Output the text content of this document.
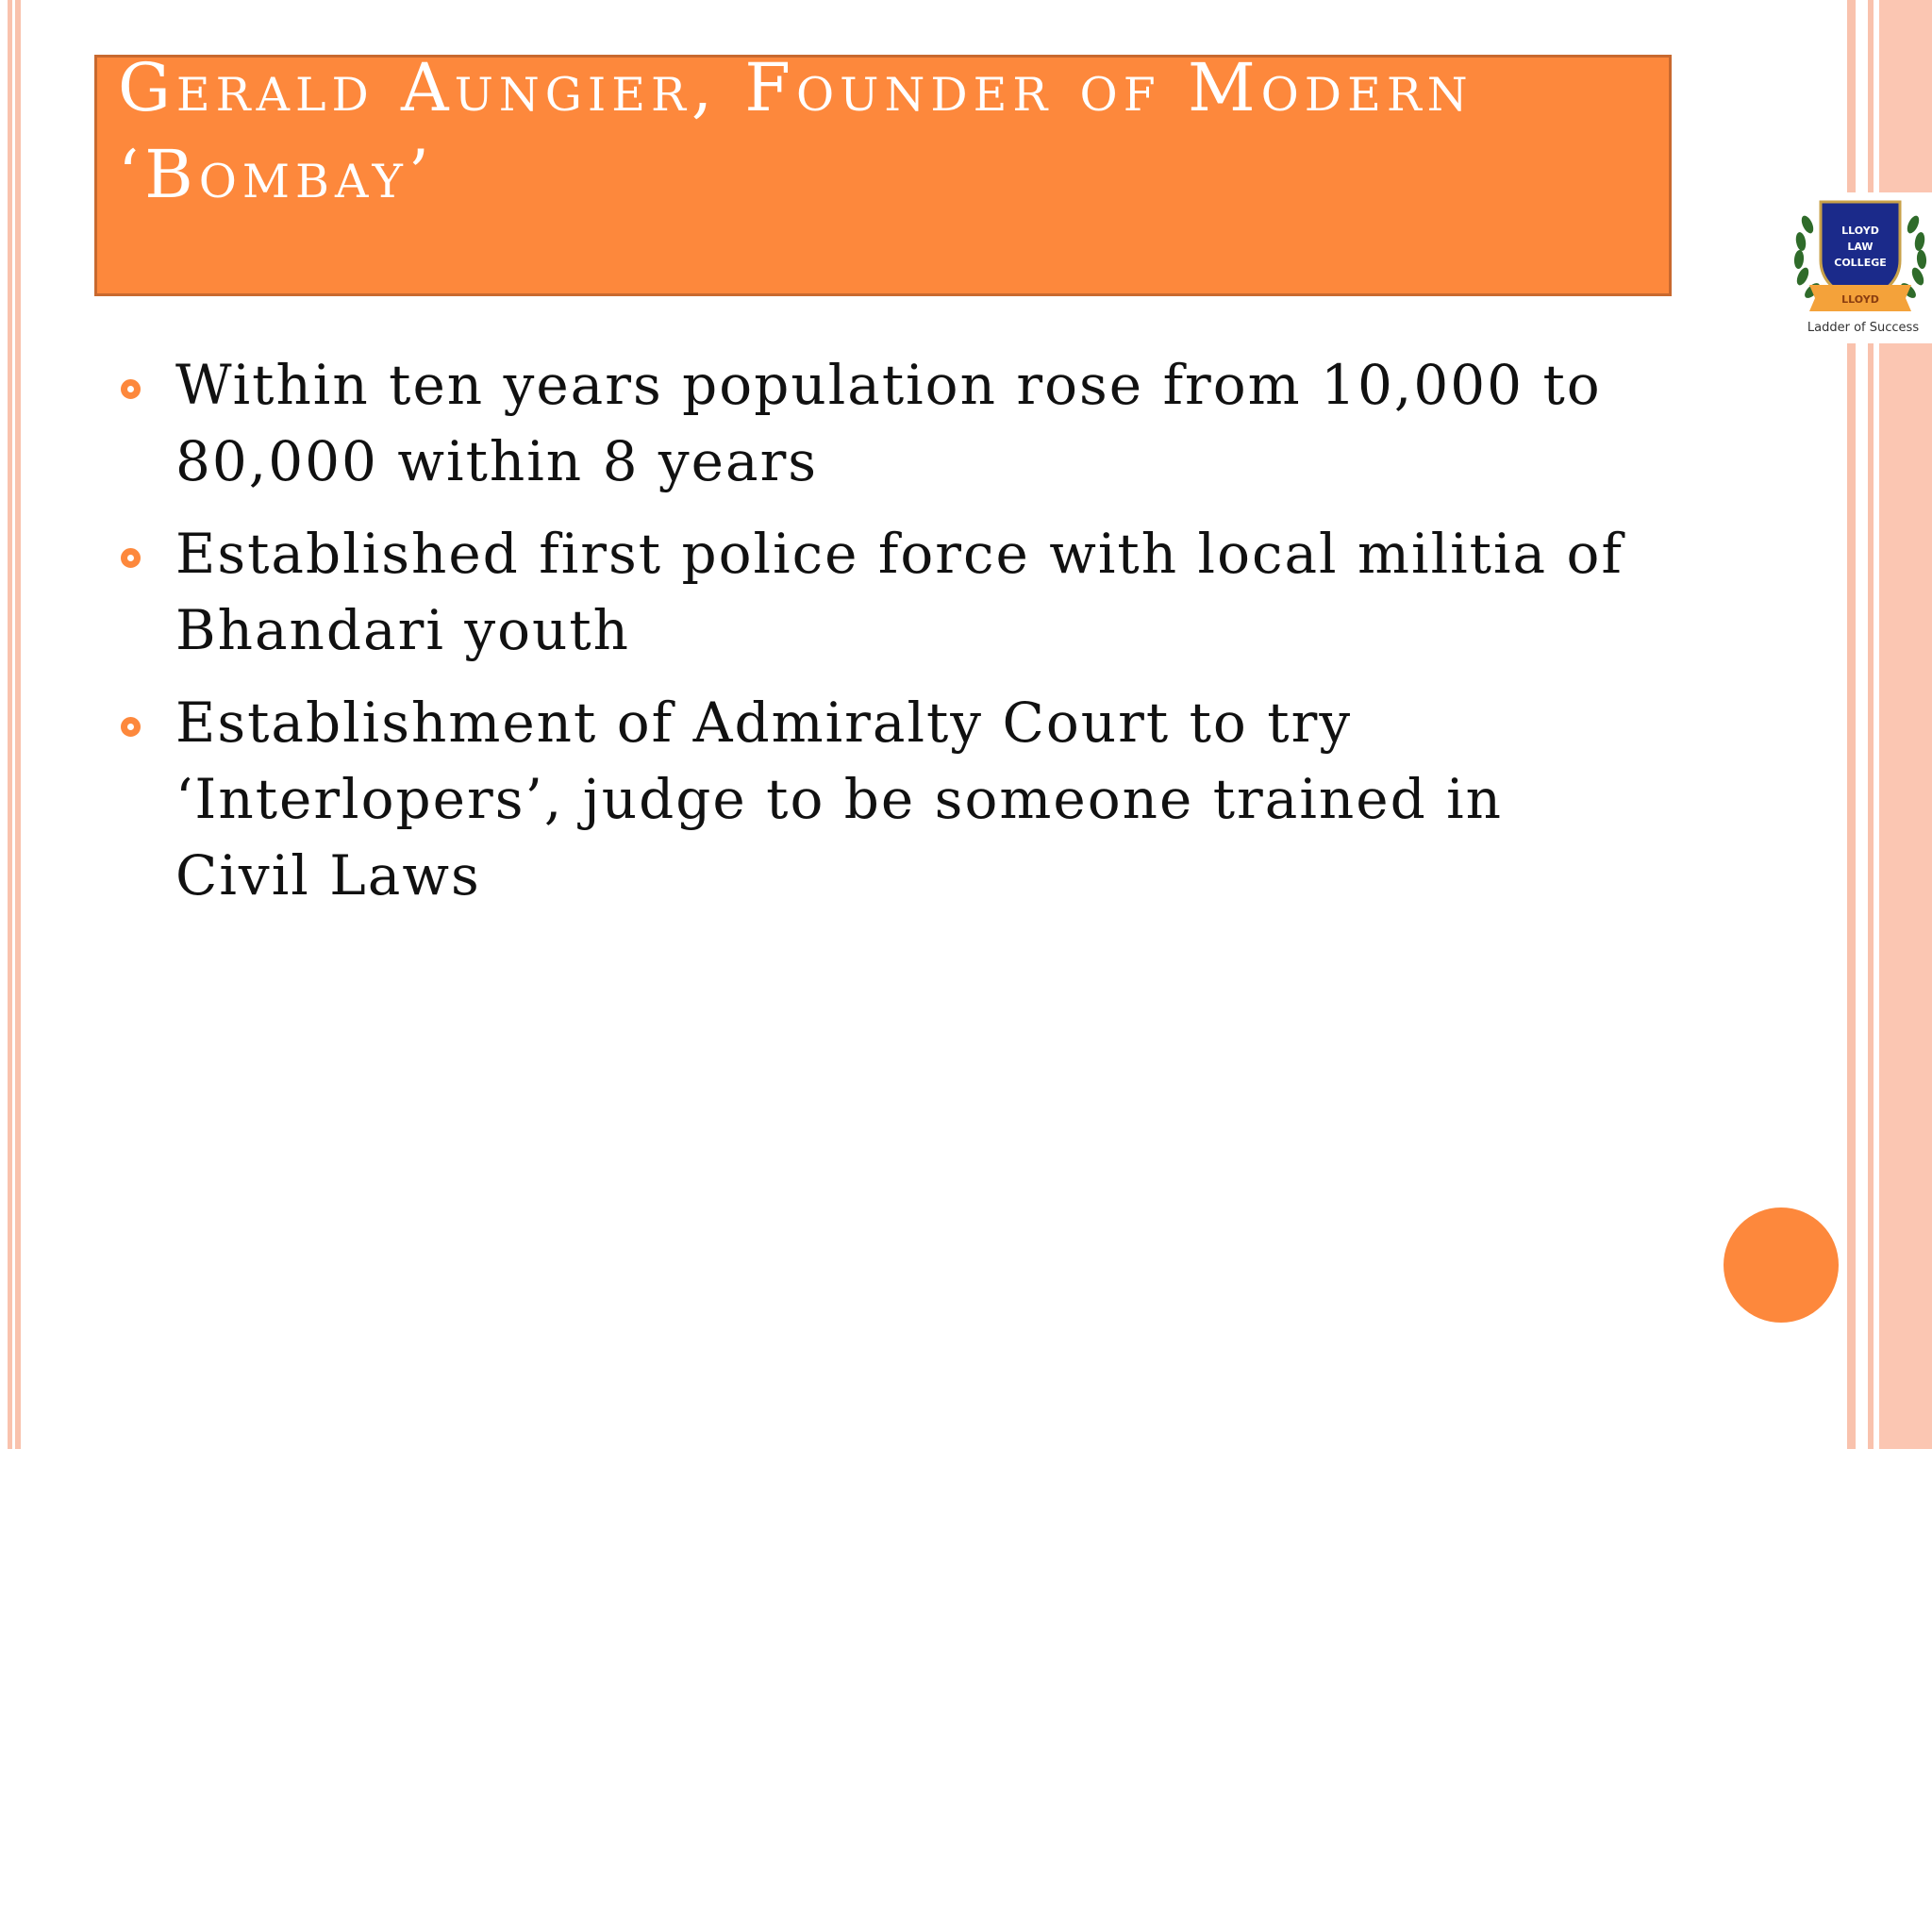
Gerald Aungier, Founder of Modern ‘Bombay’
Within ten years population rose from 10,000 to 80,000 within 8 years
Established first police force with local militia of Bhandari youth
Establishment of Admiralty Court to try ‘Interlopers’, judge to be someone trained in Civil Laws
LLOYD
LAW
COLLEGE
LLOYD
Ladder of Success
